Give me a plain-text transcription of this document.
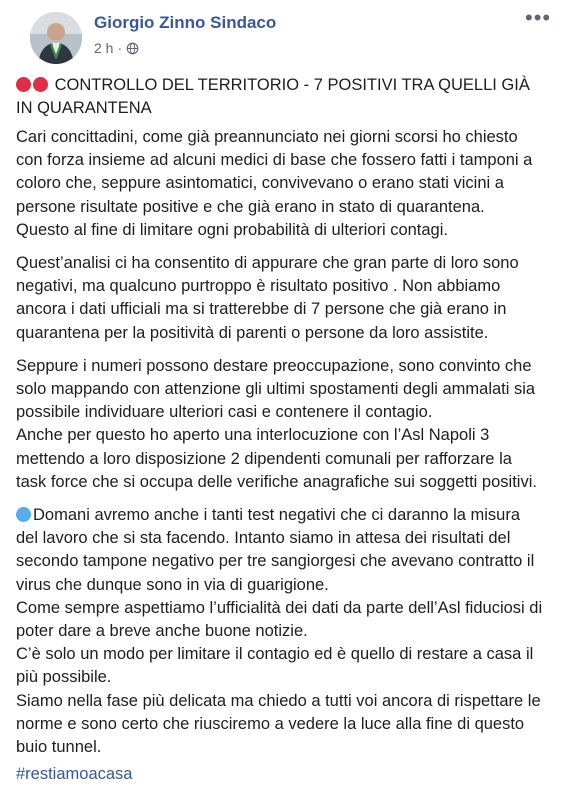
Giorgio Zinno Sindaco
2 h ·
•••
CONTROLLO DEL TERRITORIO - 7 POSITIVI TRA QUELLI GIÀ
IN QUARANTENA
Cari concittadini, come già preannunciato nei giorni scorsi ho chiesto
con forza insieme ad alcuni medici di base che fossero fatti i tamponi a
coloro che, seppure asintomatici, convivevano o erano stati vicini a
persone risultate positive e che già erano in stato di quarantena.
Questo al fine di limitare ogni probabilità di ulteriori contagi.
Quest’analisi ci ha consentito di appurare che gran parte di loro sono
negativi, ma qualcuno purtroppo è risultato positivo . Non abbiamo
ancora i dati ufficiali ma si tratterebbe di 7 persone che già erano in
quarantena per la positività di parenti o persone da loro assistite.
Seppure i numeri possono destare preoccupazione, sono convinto che
solo mappando con attenzione gli ultimi spostamenti degli ammalati sia
possibile individuare ulteriori casi e contenere il contagio.
Anche per questo ho aperto una interlocuzione con l’Asl Napoli 3
mettendo a loro disposizione 2 dipendenti comunali per rafforzare la
task force che si occupa delle verifiche anagrafiche sui soggetti positivi.
Domani avremo anche i tanti test negativi che ci daranno la misura
del lavoro che si sta facendo. Intanto siamo in attesa dei risultati del
secondo tampone negativo per tre sangiorgesi che avevano contratto il
virus che dunque sono in via di guarigione.
Come sempre aspettiamo l’ufficialità dei dati da parte dell’Asl fiduciosi di
poter dare a breve anche buone notizie.
C’è solo un modo per limitare il contagio ed è quello di restare a casa il
più possibile.
Siamo nella fase più delicata ma chiedo a tutti voi ancora di rispettare le
norme e sono certo che riusciremo a vedere la luce alla fine di questo
buio tunnel.
#restiamoacasa
